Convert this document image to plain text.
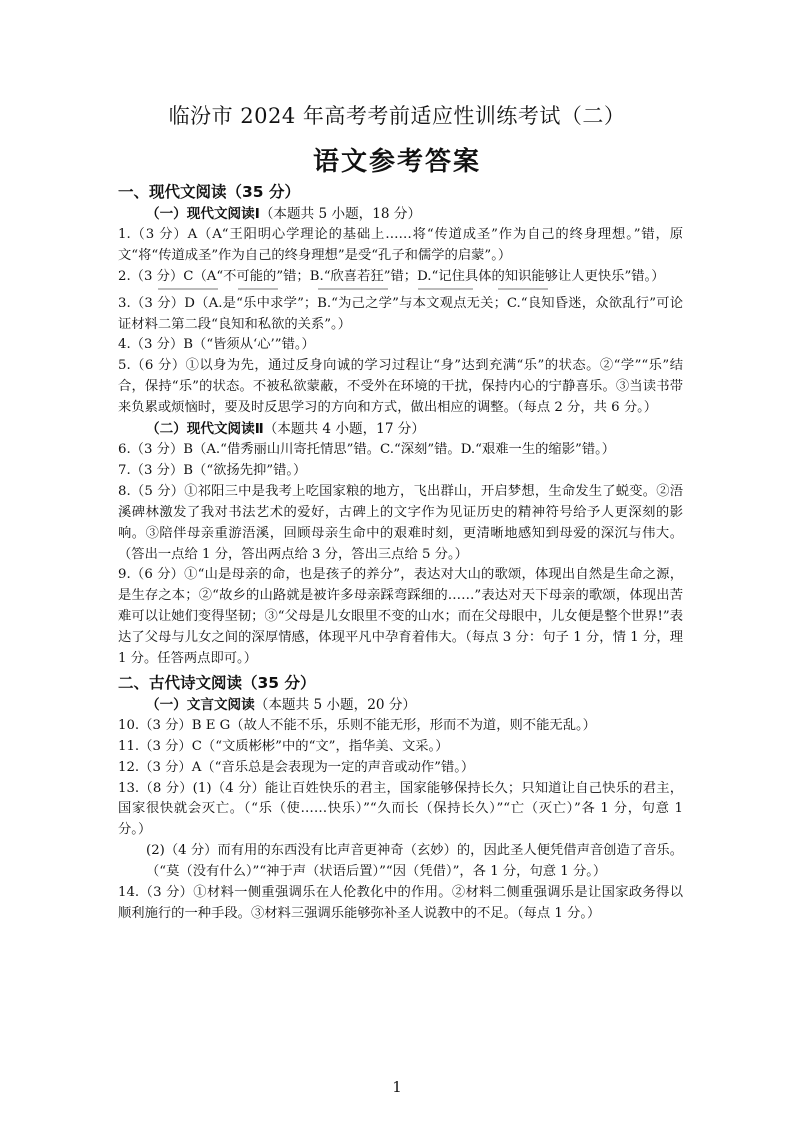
临汾市 2024 年高考考前适应性训练考试（二）
语文参考答案
一、现代文阅读（35 分）
（一）现代文阅读Ⅰ（本题共 5 小题，18 分）
1.（3 分）A（A“王阳明心学理论的基础上……将“传道成圣”作为自己的终身理想。”错，原文“将“传道成圣”作为自己的终身理想”是受“孔子和儒学的启蒙”。）
2.（3 分）C（A“不可能的”错；B.“欣喜若狂”错；D.“记住具体的知识能够让人更快乐”错。）
3.（3 分）D（A.是“乐中求学”；B.“为己之学”与本文观点无关；C.“良知昏迷，众欲乱行”可论证材料二第二段“良知和私欲的关系”。）
4.（3 分）B（“皆须从‘心’”错。）
5.（6 分）①以身为先，通过反身向诚的学习过程让“身”达到充满“乐”的状态。②“学”“乐”结合，保持“乐”的状态。不被私欲蒙蔽，不受外在环境的干扰，保持内心的宁静喜乐。③当读书带来负累或烦恼时，要及时反思学习的方向和方式，做出相应的调整。（每点 2 分，共 6 分。）
（二）现代文阅读Ⅱ（本题共 4 小题，17 分）
6.（3 分）B（A.“借秀丽山川寄托情思”错。C.“深刻”错。D.“艰难一生的缩影”错。）
7.（3 分）B（“欲扬先抑”错。）
8.（5 分）①祁阳三中是我考上吃国家粮的地方，飞出群山，开启梦想，生命发生了蜕变。②浯溪碑林激发了我对书法艺术的爱好，古碑上的文字作为见证历史的精神符号给予人更深刻的影响。③陪伴母亲重游浯溪，回顾母亲生命中的艰难时刻，更清晰地感知到母爱的深沉与伟大。（答出一点给 1 分，答出两点给 3 分，答出三点给 5 分。）
9.（6 分）①“山是母亲的命，也是孩子的养分”，表达对大山的歌颂，体现出自然是生命之源，是生存之本；②“故乡的山路就是被许多母亲踩弯踩细的……”表达对天下母亲的歌颂，体现出苦难可以让她们变得坚韧；③“父母是儿女眼里不变的山水；而在父母眼中，儿女便是整个世界!”表达了父母与儿女之间的深厚情感，体现平凡中孕育着伟大。（每点 3 分：句子 1 分，情 1 分，理 1 分。任答两点即可。）
二、古代诗文阅读（35 分）
（一）文言文阅读（本题共 5 小题，20 分）
10.（3 分）B E G（故人不能不乐，乐则不能无形，形而不为道，则不能无乱。）
11.（3 分）C（“文质彬彬”中的“文”，指华美、文采。）
12.（3 分）A（“音乐总是会表现为一定的声音或动作”错。）
13.（8 分）(1)（4 分）能让百姓快乐的君主，国家能够保持长久；只知道让自己快乐的君主，国家很快就会灭亡。（“乐（使……快乐）”“久而长（保持长久）”“亡（灭亡）”各 1 分，句意 1 分。）
(2)（4 分）而有用的东西没有比声音更神奇（玄妙）的，因此圣人便凭借声音创造了音乐。（“莫（没有什么）”“神于声（状语后置）”“因（凭借）”，各 1 分，句意 1 分。）
14.（3 分）①材料一侧重强调乐在人伦教化中的作用。②材料二侧重强调乐是让国家政务得以顺利施行的一种手段。③材料三强调乐能够弥补圣人说教中的不足。（每点 1 分。）
1
